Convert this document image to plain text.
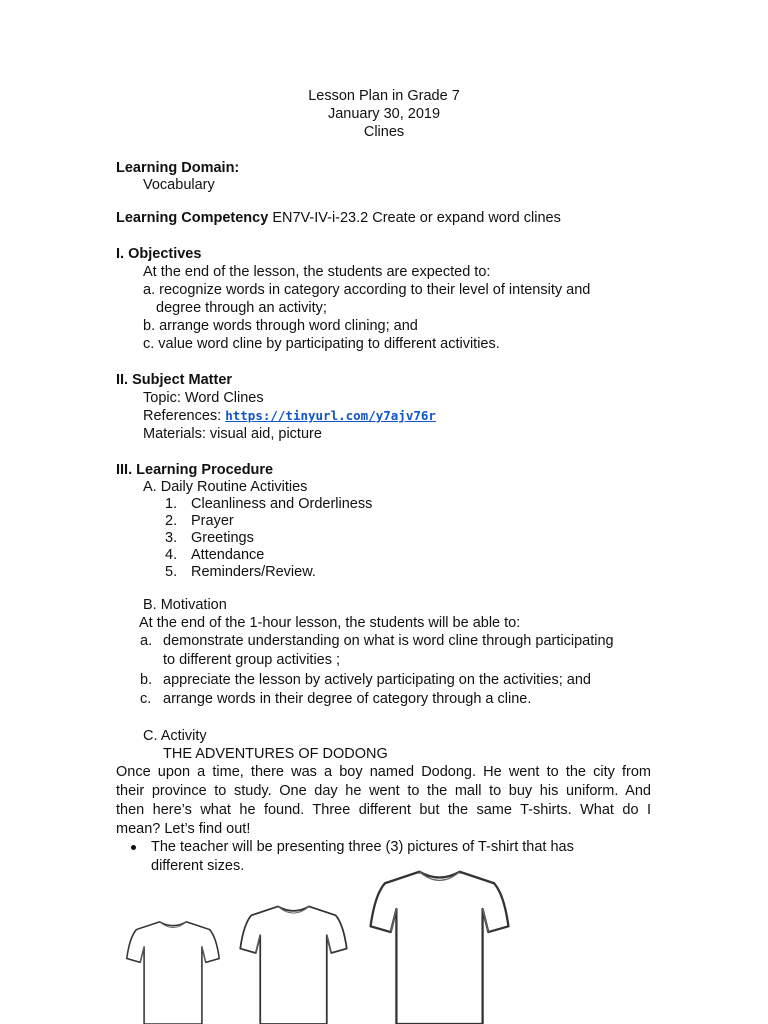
Lesson Plan in Grade 7
January 30, 2019
Clines
Learning Domain:
Vocabulary
Learning Competency EN7V-IV-i-23.2 Create or expand word clines
I. Objectives
At the end of the lesson, the students are expected to:
a. recognize words in category according to their level of intensity and
degree through an activity;
b. arrange words through word clining; and
c. value word cline by participating to different activities.
II. Subject Matter
Topic: Word Clines
References: https://tinyurl.com/y7ajv76r
Materials: visual aid, picture
III. Learning Procedure
A. Daily Routine Activities
1. Cleanliness and Orderliness
2. Prayer
3. Greetings
4. Attendance
5. Reminders/Review.
B. Motivation
At the end of the 1-hour lesson, the students will be able to:
a. demonstrate understanding on what is word cline through participating
to different group activities ;
b. appreciate the lesson by actively participating on the activities; and
c. arrange words in their degree of category through a cline.
C. Activity
THE ADVENTURES OF DODONG
Once upon a time, there was a boy named Dodong. He went to the city from
their province to study. One day he went to the mall to buy his uniform. And
then here’s what he found. Three different but the same T-shirts. What do I
mean? Let’s find out!
The teacher will be presenting three (3) pictures of T-shirt that has
different sizes.
